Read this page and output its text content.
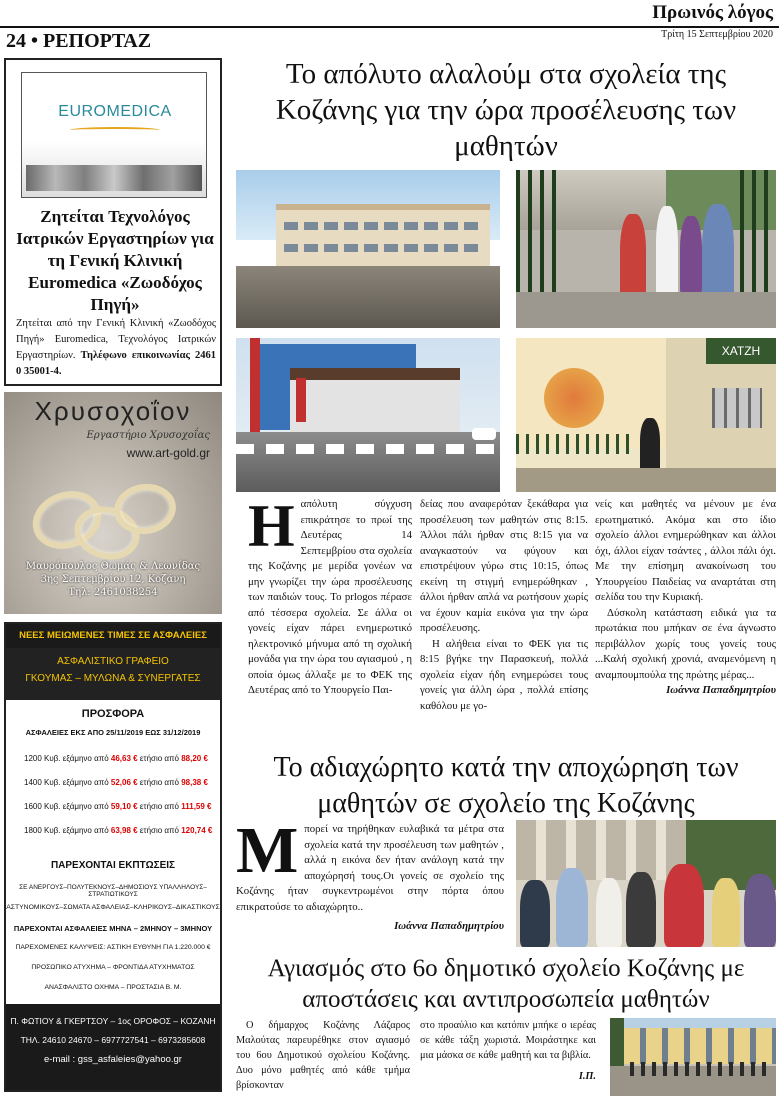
Πρωινός λόγος
24 • ΡΕΠΟΡΤΑΖ	Τρίτη 15 Σεπτεμβρίου 2020
EUROMEDICA
Ζητείται Τεχνολόγος Ιατρικών Εργαστηρίων για τη Γενική Κλινική Euromedica «Ζωοδόχος Πηγή»
Ζητείται από την Γενική Κλινική «Ζωοδόχος Πηγή» Euromedica, Τεχνολόγος Ιατρικών Εργαστηρίων. Τηλέφωνο επικοινωνίας 2461 0 35001-4.
Χρυσοχοΐον
Εργαστήριο Χρυσοχοΐας
www.art-gold.gr
Μαυρόπουλος Θωμάς & Λεωνίδας
3ης Σεπτεμβρίου 12, Κοζάνη
Τηλ: 2461038254
ΝΕΕΣ ΜΕΙΩΜΕΝΕΣ ΤΙΜΕΣ ΣΕ ΑΣΦΑΛΕΙΕΣ
ΑΣΦΑΛΙΣΤΙΚΟ ΓΡΑΦΕΙΟ
ΓΚΟΥΜΑΣ – ΜΥΛΩΝΑ & ΣΥΝΕΡΓΑΤΕΣ
ΠΡΟΣΦΟΡΑ
ΑΣΦΑΛΕΙΕΣ ΕΚΣ ΑΠΟ 25/11/2019 ΕΩΣ 31/12/2019
1200 Κυβ. εξάμηνο από 46,63 € ετήσιο από 88,20 €
1400 Κυβ. εξάμηνο από 52,06 € ετήσιο από 98,38 €
1600 Κυβ. εξάμηνο από 59,10 € ετήσιο από 111,59 €
1800 Κυβ. εξάμηνο από 63,98 € ετήσιο από 120,74 €
ΠΑΡΕΧΟΝΤΑΙ ΕΚΠΤΩΣΕΙΣ
ΣΕ ΑΝΕΡΓΟΥΣ–ΠΟΛΥΤΕΚΝΟΥΣ–ΔΗΜΟΣΙΟΥΣ ΥΠΑΛΛΗΛΟΥΣ–ΣΤΡΑΤΙΩΤΙΚΟΥΣ
ΑΣΤΥΝΟΜΙΚΟΥΣ–ΣΩΜΑΤΑ ΑΣΦΑΛΕΙΑΣ–ΚΛΗΡΙΚΟΥΣ–ΔΙΚΑΣΤΙΚΟΥΣ
ΠΑΡΕΧΟΝΤΑΙ ΑΣΦΑΛΕΙΕΣ ΜΗΝΑ – 2ΜΗΝΟΥ – 3ΜΗΝΟΥ
ΠΑΡΕΧΟΜΕΝΕΣ ΚΑΛΥΨΕΙΣ: ΑΣΤΙΚΗ ΕΥΘΥΝΗ ΓΙΑ 1.220.000 €
ΠΡΟΣΩΠΙΚΟ ΑΤΥΧΗΜΑ – ΦΡΟΝΤΙΔΑ ΑΤΥΧΗΜΑΤΟΣ
ΑΝΑΣΦΑΛΙΣΤΟ ΟΧΗΜΑ – ΠΡΟΣΤΑΣΙΑ Β. Μ.
Π. ΦΩΤΙΟΥ & ΓΚΕΡΤΣΟΥ – 1ος ΟΡΟΦΟΣ – ΚΟΖΑΝΗ
ΤΗΛ. 24610 24670 – 6977727541 – 6973285608
e-mail : gss_asfaleies@yahoo.gr
Το απόλυτο αλαλούμ στα σχολεία της Κοζάνης για την ώρα προσέλευσης των μαθητών
ΧΑΤΖΗ
Η απόλυτη σύγχυση επικράτησε το πρωί της Δευτέρας 14 Σεπτεμβρίου στα σχολεία της Κοζάνης με μερίδα γονέων να μην γνωρίζει την ώρα προσέλευσης των παιδιών τους. Το prlogos πέρασε από τέσσερα σχολεία. Σε άλλα οι γονείς είχαν πάρει ενημερωτικό ηλεκτρονικό μήνυμα από τη σχολική μονάδα για την ώρα του αγιασμού , η οποία όμως άλλαξε με το ΦΕΚ της Δευτέρας από το Υπουργείο Παι-

δείας που αναφερόταν ξεκάθαρα για προσέλευση των μαθητών στις 8:15. Άλλοι πάλι ήρθαν στις 8:15 για να αναγκαστούν να φύγουν και επιστρέψουν γύρω στις 10:15, όπως εκείνη τη στιγμή ενημερώθηκαν , άλλοι ήρθαν απλά να ρωτήσουν χωρίς να έχουν καμία εικόνα για την ώρα προσέλευσης.

Η αλήθεια είναι το ΦΕΚ για τις 8:15 βγήκε την Παρασκευή, πολλά σχολεία είχαν ήδη ενημερώσει τους γονείς για άλλη ώρα , πολλά επίσης καθόλου με γο-

νείς και μαθητές να μένουν με ένα ερωτηματικό. Ακόμα και στο ίδιο σχολείο άλλοι ενημερώθηκαν και άλλοι όχι, άλλοι είχαν τσάντες , άλλοι πάλι όχι. Με την επίσημη ανακοίνωση του Υπουργείου Παιδείας να αναρτάται στη σελίδα του την Κυριακή.

Δύσκολη κατάσταση ειδικά για τα πρωτάκια που μπήκαν σε ένα άγνωστο περιβάλλον χωρίς τους γονείς τους ...Καλή σχολική χρονιά, αναμενόμενη η αναμπουμπούλα της πρώτης μέρας...

Ιωάννα Παπαδημητρίου

Το αδιαχώρητο κατά την αποχώρηση των μαθητών σε σχολείο της Κοζάνης
Μ πορεί να τηρήθηκαν ευλαβικά τα μέτρα στα σχολεία κατά την προσέλευση των μαθητών , αλλά η εικόνα δεν ήταν ανάλογη κατά την αποχώρησή τους.Οι γονείς σε σχολείο της Κοζάνης ήταν συγκεντρωμένοι στην πόρτα όπου επικρατούσε το αδιαχώρητο..

Ιωάννα Παπαδημητρίου

Αγιασμός στο 6ο δημοτικό σχολείο Κοζάνης με αποστάσεις και αντιπροσωπεία μαθητών

Ο δήμαρχος Κοζάνης Λάζαρος Μαλούτας παρευρέθηκε στον αγιασμό του 6ου Δημοτικού σχολείου Κοζάνης. Δυο μόνο μαθητές από κάθε τμήμα βρίσκονταν

στο προαύλιο και κατόπιν μπήκε ο ιερέας σε κάθε τάξη χωριστά. Μοιράστηκε και μια μάσκα σε κάθε μαθητή και τα βιβλία.

Ι.Π.
